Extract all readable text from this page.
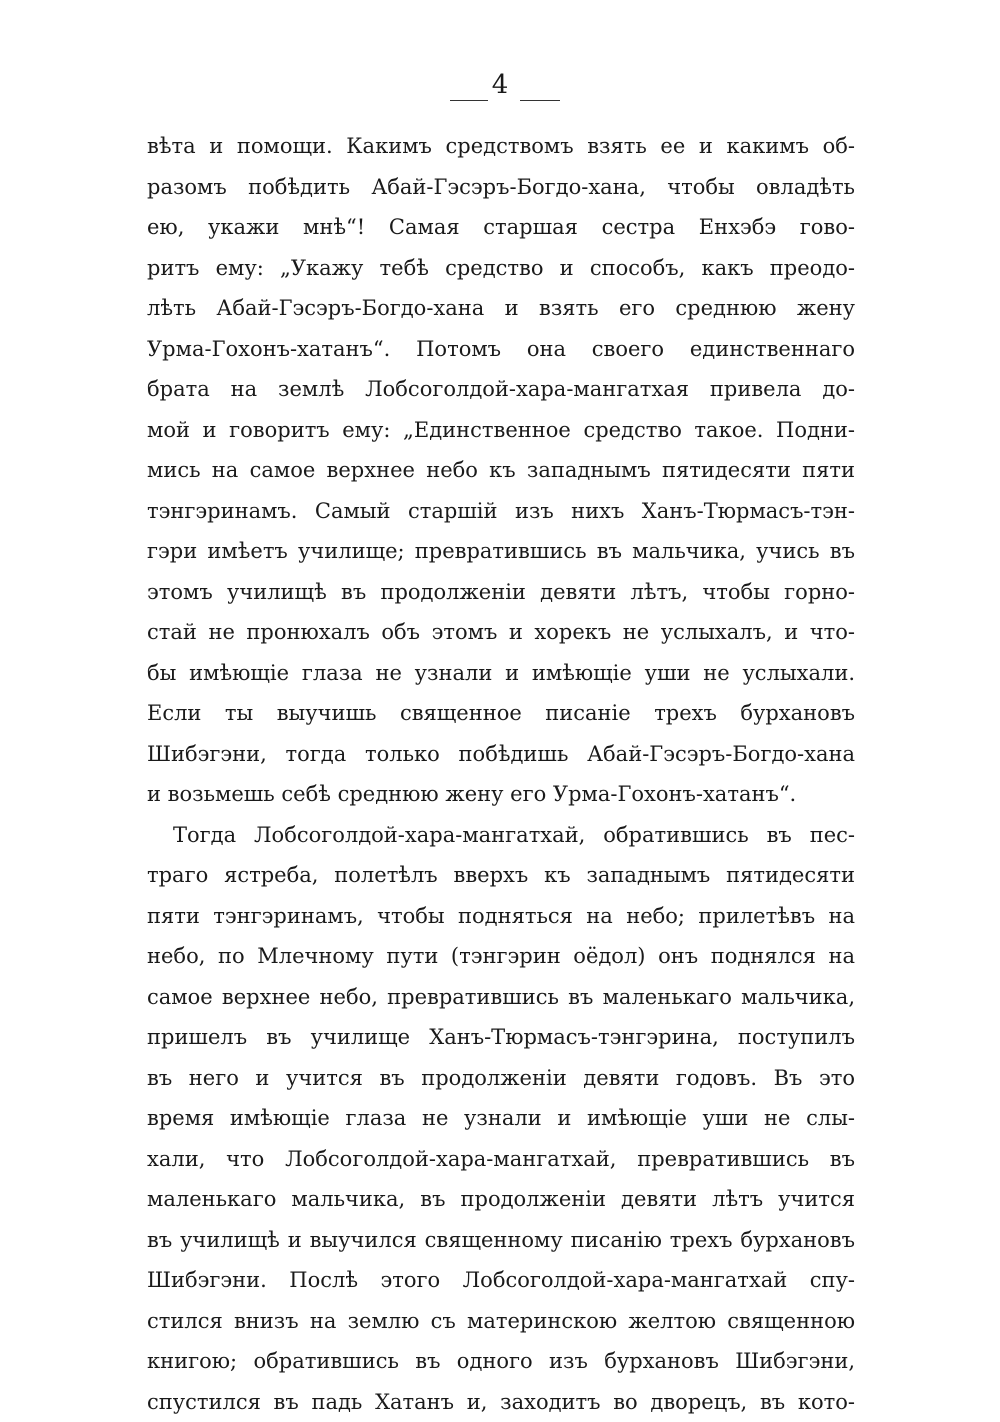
4
вѣта и помощи. Какимъ средствомъ взять ее и какимъ об-
разомъ побѣдить Абай-Гэсэръ-Богдо-хана, чтобы овладѣть
ею, укажи мнѣ“! Самая старшая сестра Енхэбэ гово-
ритъ ему: „Укажу тебѣ средство и способъ, какъ преодо-
лѣть Абай-Гэсэръ-Богдо-хана и взять его среднюю жену
Урма-Гохонъ-хатанъ“. Потомъ она своего единственнаго
брата на землѣ Лобсоголдой-хара-мангатхая привела до-
мой и говоритъ ему: „Единственное средство такое. Подни-
мись на самое верхнее небо къ западнымъ пятидесяти пяти
тэнгэринамъ. Самый старшій изъ нихъ Ханъ-Тюрмасъ-тэн-
гэри имѣетъ училище; превратившись въ мальчика, учись въ
этомъ училищѣ въ продолженіи девяти лѣтъ, чтобы горно-
стай не пронюхалъ объ этомъ и хорекъ не услыхалъ, и что-
бы имѣющіе глаза не узнали и имѣющіе уши не услыхали.
Если ты выучишь священное писаніе трехъ бурхановъ
Шибэгэни, тогда только побѣдишь Абай-Гэсэръ-Богдо-хана
и возьмешь себѣ среднюю жену его Урма-Гохонъ-хатанъ“.
Тогда Лобсоголдой-хара-мангатхай, обратившись въ пес-
траго ястреба, полетѣлъ вверхъ къ западнымъ пятидесяти
пяти тэнгэринамъ, чтобы подняться на небо; прилетѣвъ на
небо, по Млечному пути (тэнгэрин оёдол) онъ поднялся на
самое верхнее небо, превратившись въ маленькаго мальчика,
пришелъ въ училище Ханъ-Тюрмасъ-тэнгэрина, поступилъ
въ него и учится въ продолженіи девяти годовъ. Въ это
время имѣющіе глаза не узнали и имѣющіе уши не слы-
хали, что Лобсоголдой-хара-мангатхай, превратившись въ
маленькаго мальчика, въ продолженіи девяти лѣтъ учится
въ училищѣ и выучился священному писанію трехъ бурхановъ
Шибэгэни. Послѣ этого Лобсоголдой-хара-мангатхай спу-
стился внизъ на землю съ материнскою желтою священною
книгою; обратившись въ одного изъ бурхановъ Шибэгэни,
спустился въ падь Хатанъ и, заходитъ во дворецъ, въ кото-
